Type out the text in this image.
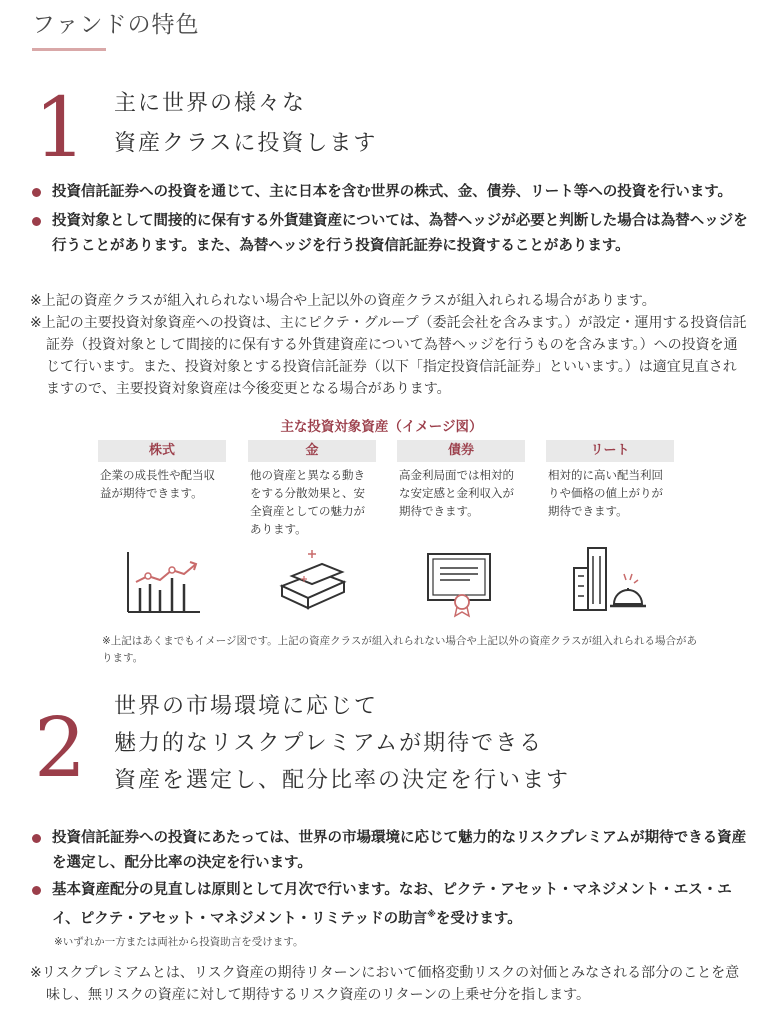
ファンドの特色
1 主に世界の様々な
資産クラスに投資します
投資信託証券への投資を通じて、主に日本を含む世界の株式、金、債券、リート等への投資を行います。
投資対象として間接的に保有する外貨建資産については、為替ヘッジが必要と判断した場合は為替ヘッジを行うことがあります。また、為替ヘッジを行う投資信託証券に投資することがあります。

※上記の資産クラスが組入れられない場合や上記以外の資産クラスが組入れられる場合があります。

※上記の主要投資対象資産への投資は、主にピクテ・グループ（委託会社を含みます。）が設定・運用する投資信託証券（投資対象として間接的に保有する外貨建資産について為替ヘッジを行うものを含みます。）への投資を通じて行います。また、投資対象とする投資信託証券（以下「指定投資信託証券」といいます。）は適宜見直されますので、主要投資対象資産は今後変更となる場合があります。

主な投資対象資産（イメージ図）
株式
企業の成長性や配当収益が期待できます。
金
他の資産と異なる動きをする分散効果と、安全資産としての魅力があります。
債券
高金利局面では相対的な安定感と金利収入が期待できます。
リート
相対的に高い配当利回りや価格の値上がりが期待できます。
※上記はあくまでもイメージ図です。上記の資産クラスが組入れられない場合や上記以外の資産クラスが組入れられる場合があります。
2 世界の市場環境に応じて
魅力的なリスクプレミアムが期待できる
資産を選定し、配分比率の決定を行います
投資信託証券への投資にあたっては、世界の市場環境に応じて魅力的なリスクプレミアムが期待できる資産を選定し、配分比率の決定を行います。
基本資産配分の見直しは原則として月次で行います。なお、ピクテ・アセット・マネジメント・エス・エイ、ピクテ・アセット・マネジメント・リミテッドの助言※を受けます。
※いずれか一方または両社から投資助言を受けます。

※リスクプレミアムとは、リスク資産の期待リターンにおいて価格変動リスクの対価とみなされる部分のことを意味し、無リスクの資産に対して期待するリスク資産のリターンの上乗せ分を指します。
